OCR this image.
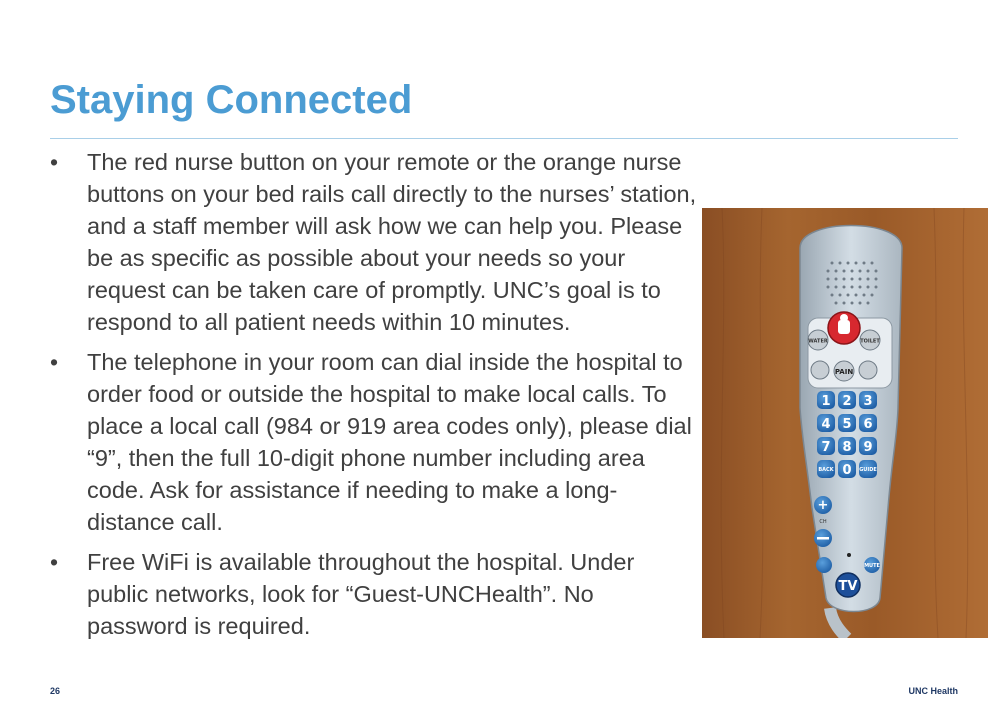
Staying Connected
•	The red nurse button on your remote or the orange nurse buttons on your bed rails call directly to the nurses’ station, and a staff member will ask how we can help you. Please be as specific as possible about your needs so your request can be taken care of promptly. UNC’s goal is to respond to all patient needs within 10 minutes.
•	The telephone in your room can dial inside the hospital to order food or outside the hospital to make local calls. To place a local call (984 or 919 area codes only), please dial “9”, then the full 10-digit phone number including area code. Ask for assistance if needing to make a long-distance call.
•	Free WiFi is available throughout the hospital. Under public networks, look for “Guest-UNCHealth”. No password is required.
WATER	TOILET
PAIN
1 2 3
4 5 6
7 8 9
BACK 0 GUIDE
+
CH
MUTE
TV
26	UNC Health
